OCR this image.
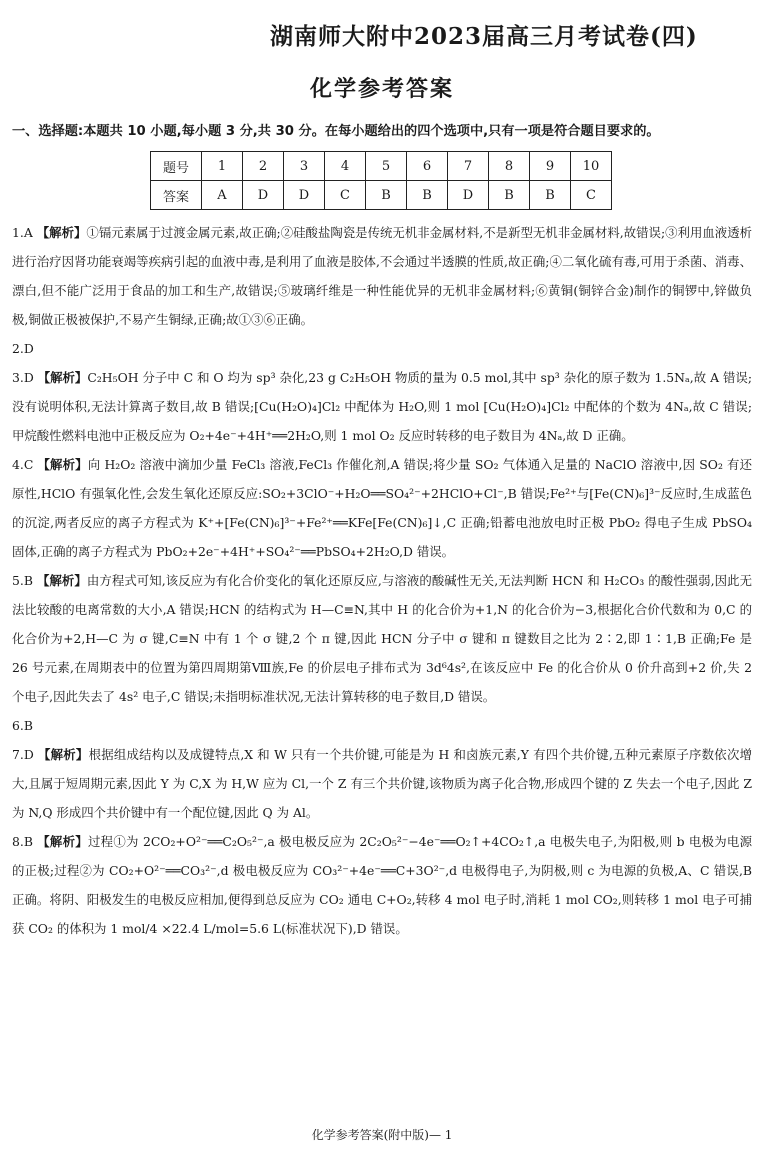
湖南师大附中2023届高三月考试卷(四)
化学参考答案
一、选择题:本题共 10 小题,每小题 3 分,共 30 分。在每小题给出的四个选项中,只有一项是符合题目要求的。
题号	1	2	3	4	5	6	7	8	9	10
答案	A	D	D	C	B	B	D	B	B	C

1.A 【解析】①镉元素属于过渡金属元素,故正确;②硅酸盐陶瓷是传统无机非金属材料,不是新型无机非金属材料,故错误;③利用血液透析进行治疗因肾功能衰竭等疾病引起的血液中毒,是利用了血液是胶体,不会通过半透膜的性质,故正确;④二氧化硫有毒,可用于杀菌、消毒、漂白,但不能广泛用于食品的加工和生产,故错误;⑤玻璃纤维是一种性能优异的无机非金属材料;⑥黄铜(铜锌合金)制作的铜锣中,锌做负极,铜做正极被保护,不易产生铜绿,正确;故①③⑥正确。

2.D

3.D 【解析】C₂H₅OH 分子中 C 和 O 均为 sp³ 杂化,23 g C₂H₅OH 物质的量为 0.5 mol,其中 sp³ 杂化的原子数为 1.5Nₐ,故 A 错误;没有说明体积,无法计算离子数目,故 B 错误;[Cu(H₂O)₄]Cl₂ 中配体为 H₂O,则 1 mol [Cu(H₂O)₄]Cl₂ 中配体的个数为 4Nₐ,故 C 错误;甲烷酸性燃料电池中正极反应为 O₂+4e⁻+4H⁺══2H₂O,则 1 mol O₂ 反应时转移的电子数目为 4Nₐ,故 D 正确。

4.C 【解析】向 H₂O₂ 溶液中滴加少量 FeCl₃ 溶液,FeCl₃ 作催化剂,A 错误;将少量 SO₂ 气体通入足量的 NaClO 溶液中,因 SO₂ 有还原性,HClO 有强氧化性,会发生氧化还原反应:SO₂+3ClO⁻+H₂O══SO₄²⁻+2HClO+Cl⁻,B 错误;Fe²⁺与[Fe(CN)₆]³⁻反应时,生成蓝色的沉淀,两者反应的离子方程式为 K⁺+[Fe(CN)₆]³⁻+Fe²⁺══KFe[Fe(CN)₆]↓,C 正确;铅蓄电池放电时正极 PbO₂ 得电子生成 PbSO₄ 固体,正确的离子方程式为 PbO₂+2e⁻+4H⁺+SO₄²⁻══PbSO₄+2H₂O,D 错误。

5.B 【解析】由方程式可知,该反应为有化合价变化的氧化还原反应,与溶液的酸碱性无关,无法判断 HCN 和 H₂CO₃ 的酸性强弱,因此无法比较酸的电离常数的大小,A 错误;HCN 的结构式为 H—C≡N,其中 H 的化合价为+1,N 的化合价为−3,根据化合价代数和为 0,C 的化合价为+2,H—C 为 σ 键,C≡N 中有 1 个 σ 键,2 个 π 键,因此 HCN 分子中 σ 键和 π 键数目之比为 2∶2,即 1∶1,B 正确;Fe 是 26 号元素,在周期表中的位置为第四周期第Ⅷ族,Fe 的价层电子排布式为 3d⁶4s²,在该反应中 Fe 的化合价从 0 价升高到+2 价,失 2 个电子,因此失去了 4s² 电子,C 错误;未指明标准状况,无法计算转移的电子数目,D 错误。

6.B

7.D 【解析】根据组成结构以及成键特点,X 和 W 只有一个共价键,可能是为 H 和卤族元素,Y 有四个共价键,五种元素原子序数依次增大,且属于短周期元素,因此 Y 为 C,X 为 H,W 应为 Cl,一个 Z 有三个共价键,该物质为离子化合物,形成四个键的 Z 失去一个电子,因此 Z 为 N,Q 形成四个共价键中有一个配位键,因此 Q 为 Al。

8.B 【解析】过程①为 2CO₂+O²⁻══C₂O₅²⁻,a 极电极反应为 2C₂O₅²⁻−4e⁻══O₂↑+4CO₂↑,a 电极失电子,为阳极,则 b 电极为电源的正极;过程②为 CO₂+O²⁻══CO₃²⁻,d 极电极反应为 CO₃²⁻+4e⁻══C+3O²⁻,d 电极得电子,为阴极,则 c 为电源的负极,A、C 错误,B 正确。将阴、阳极发生的电极反应相加,便得到总反应为 CO₂ 通电 C+O₂,转移 4 mol 电子时,消耗 1 mol CO₂,则转移 1 mol 电子可捕获 CO₂ 的体积为 1 mol/4 ×22.4 L/mol=5.6 L(标准状况下),D 错误。

化学参考答案(附中版)— 1
